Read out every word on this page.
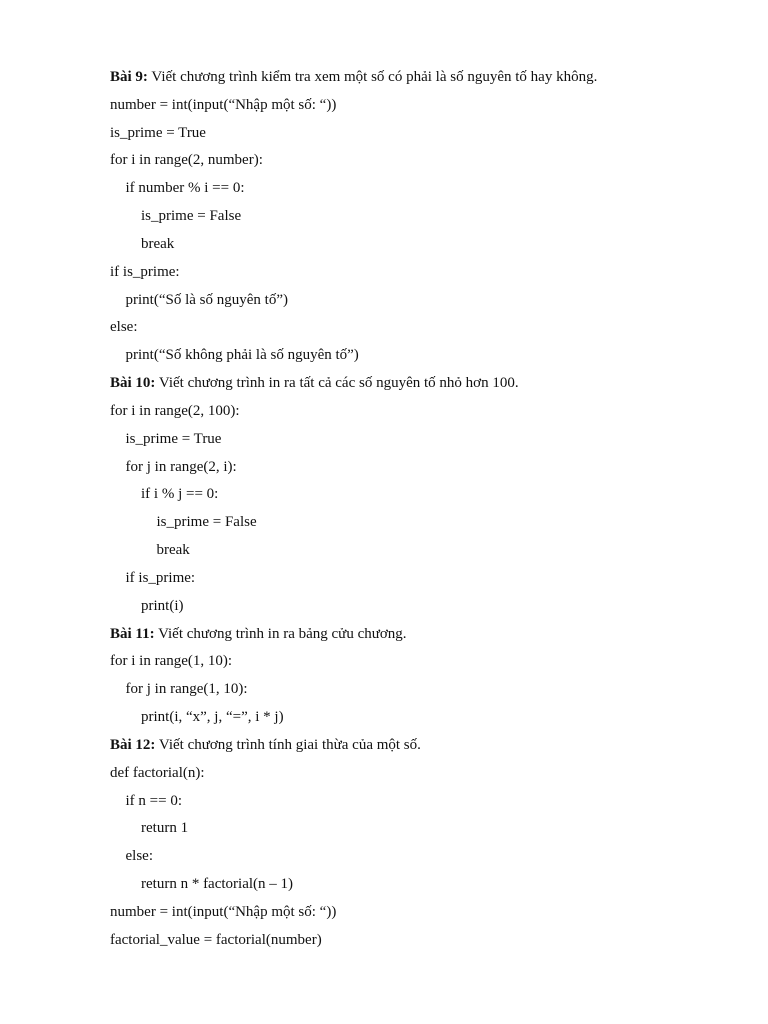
Bài 9: Viết chương trình kiểm tra xem một số có phải là số nguyên tố hay không.
number = int(input(“Nhập một số: “))
is_prime = True
for i in range(2, number):
if number % i == 0:
is_prime = False
break
if is_prime:
print(“Số là số nguyên tố”)
else:
print(“Số không phải là số nguyên tố”)
Bài 10: Viết chương trình in ra tất cả các số nguyên tố nhỏ hơn 100.
for i in range(2, 100):
is_prime = True
for j in range(2, i):
if i % j == 0:
is_prime = False
break
if is_prime:
print(i)
Bài 11: Viết chương trình in ra bảng cửu chương.
for i in range(1, 10):
for j in range(1, 10):
print(i, “x”, j, “=”, i * j)
Bài 12: Viết chương trình tính giai thừa của một số.
def factorial(n):
if n == 0:
return 1
else:
return n * factorial(n – 1)
number = int(input(“Nhập một số: “))
factorial_value = factorial(number)
